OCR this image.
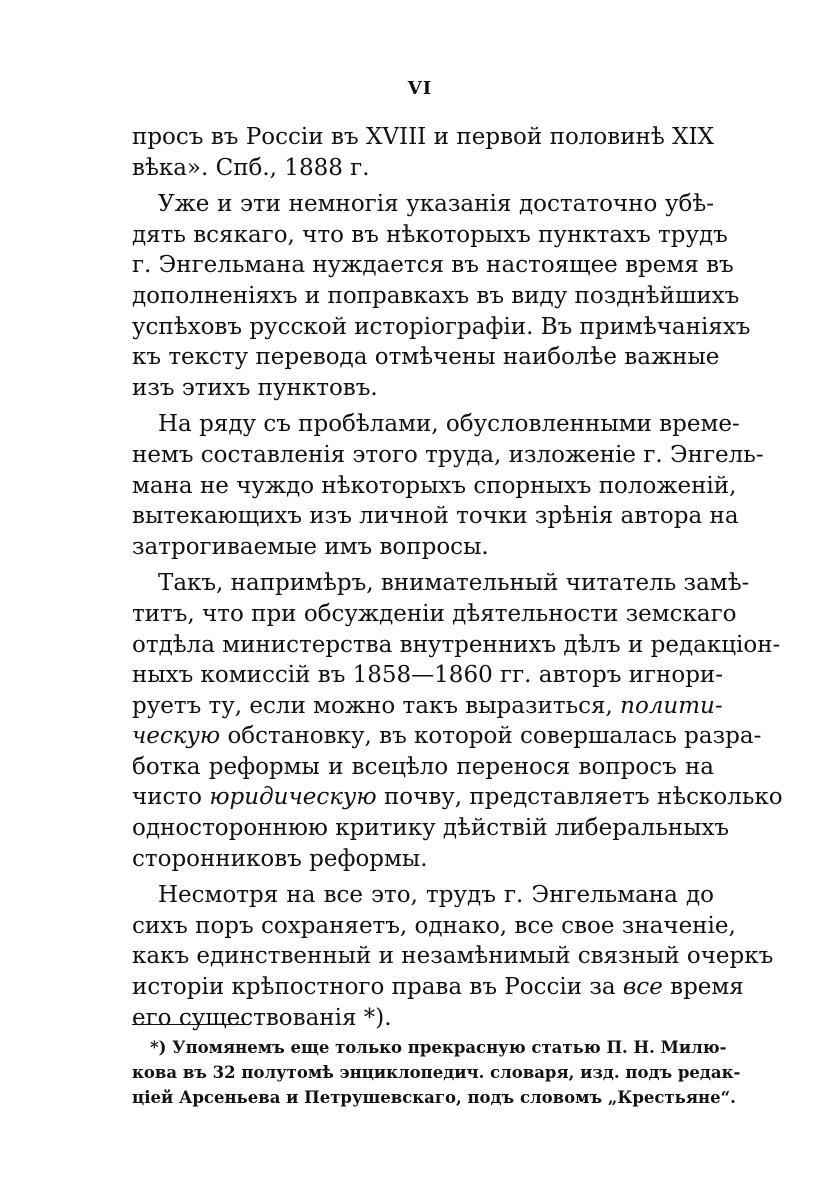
VI
просъ въ Россіи въ XVIII и первой половинѣ XIX
вѣка». Спб., 1888 г.
Уже и эти немногія указанія достаточно убѣ-
дять всякаго, что въ нѣкоторыхъ пунктахъ трудъ
г. Энгельмана нуждается въ настоящее время въ
дополненіяхъ и поправкахъ въ виду позднѣйшихъ
успѣховъ русской исторіографіи. Въ примѣчаніяхъ
къ тексту перевода отмѣчены наиболѣе важные
изъ этихъ пунктовъ.
На ряду съ пробѣлами, обусловленными време-
немъ составленія этого труда, изложеніе г. Энгель-
мана не чуждо нѣкоторыхъ спорныхъ положеній,
вытекающихъ изъ личной точки зрѣнія автора на
затрогиваемые имъ вопросы.
Такъ, напримѣръ, внимательный читатель замѣ-
титъ, что при обсужденіи дѣятельности земскаго
отдѣла министерства внутреннихъ дѣлъ и редакціон-
ныхъ комиссій въ 1858—1860 гг. авторъ игнори-
руетъ ту, если можно такъ выразиться, полити-
ческую обстановку, въ которой совершалась разра-
ботка реформы и всецѣло перенося вопросъ на
чисто юридическую почву, представляетъ нѣсколько
одностороннюю критику дѣйствій либеральныхъ
сторонниковъ реформы.
Несмотря на все это, трудъ г. Энгельмана до
сихъ поръ сохраняетъ, однако, все свое значеніе,
какъ единственный и незамѣнимый связный очеркъ
исторіи крѣпостного права въ Россіи за все время
его существованія *).
*) Упомянемъ еще только прекрасную статью П. Н. Милю-
кова въ 32 полутомѣ энциклопедич. словаря, изд. подъ редак-
ціей Арсеньева и Петрушевскаго, подъ словомъ „Крестьяне“.
